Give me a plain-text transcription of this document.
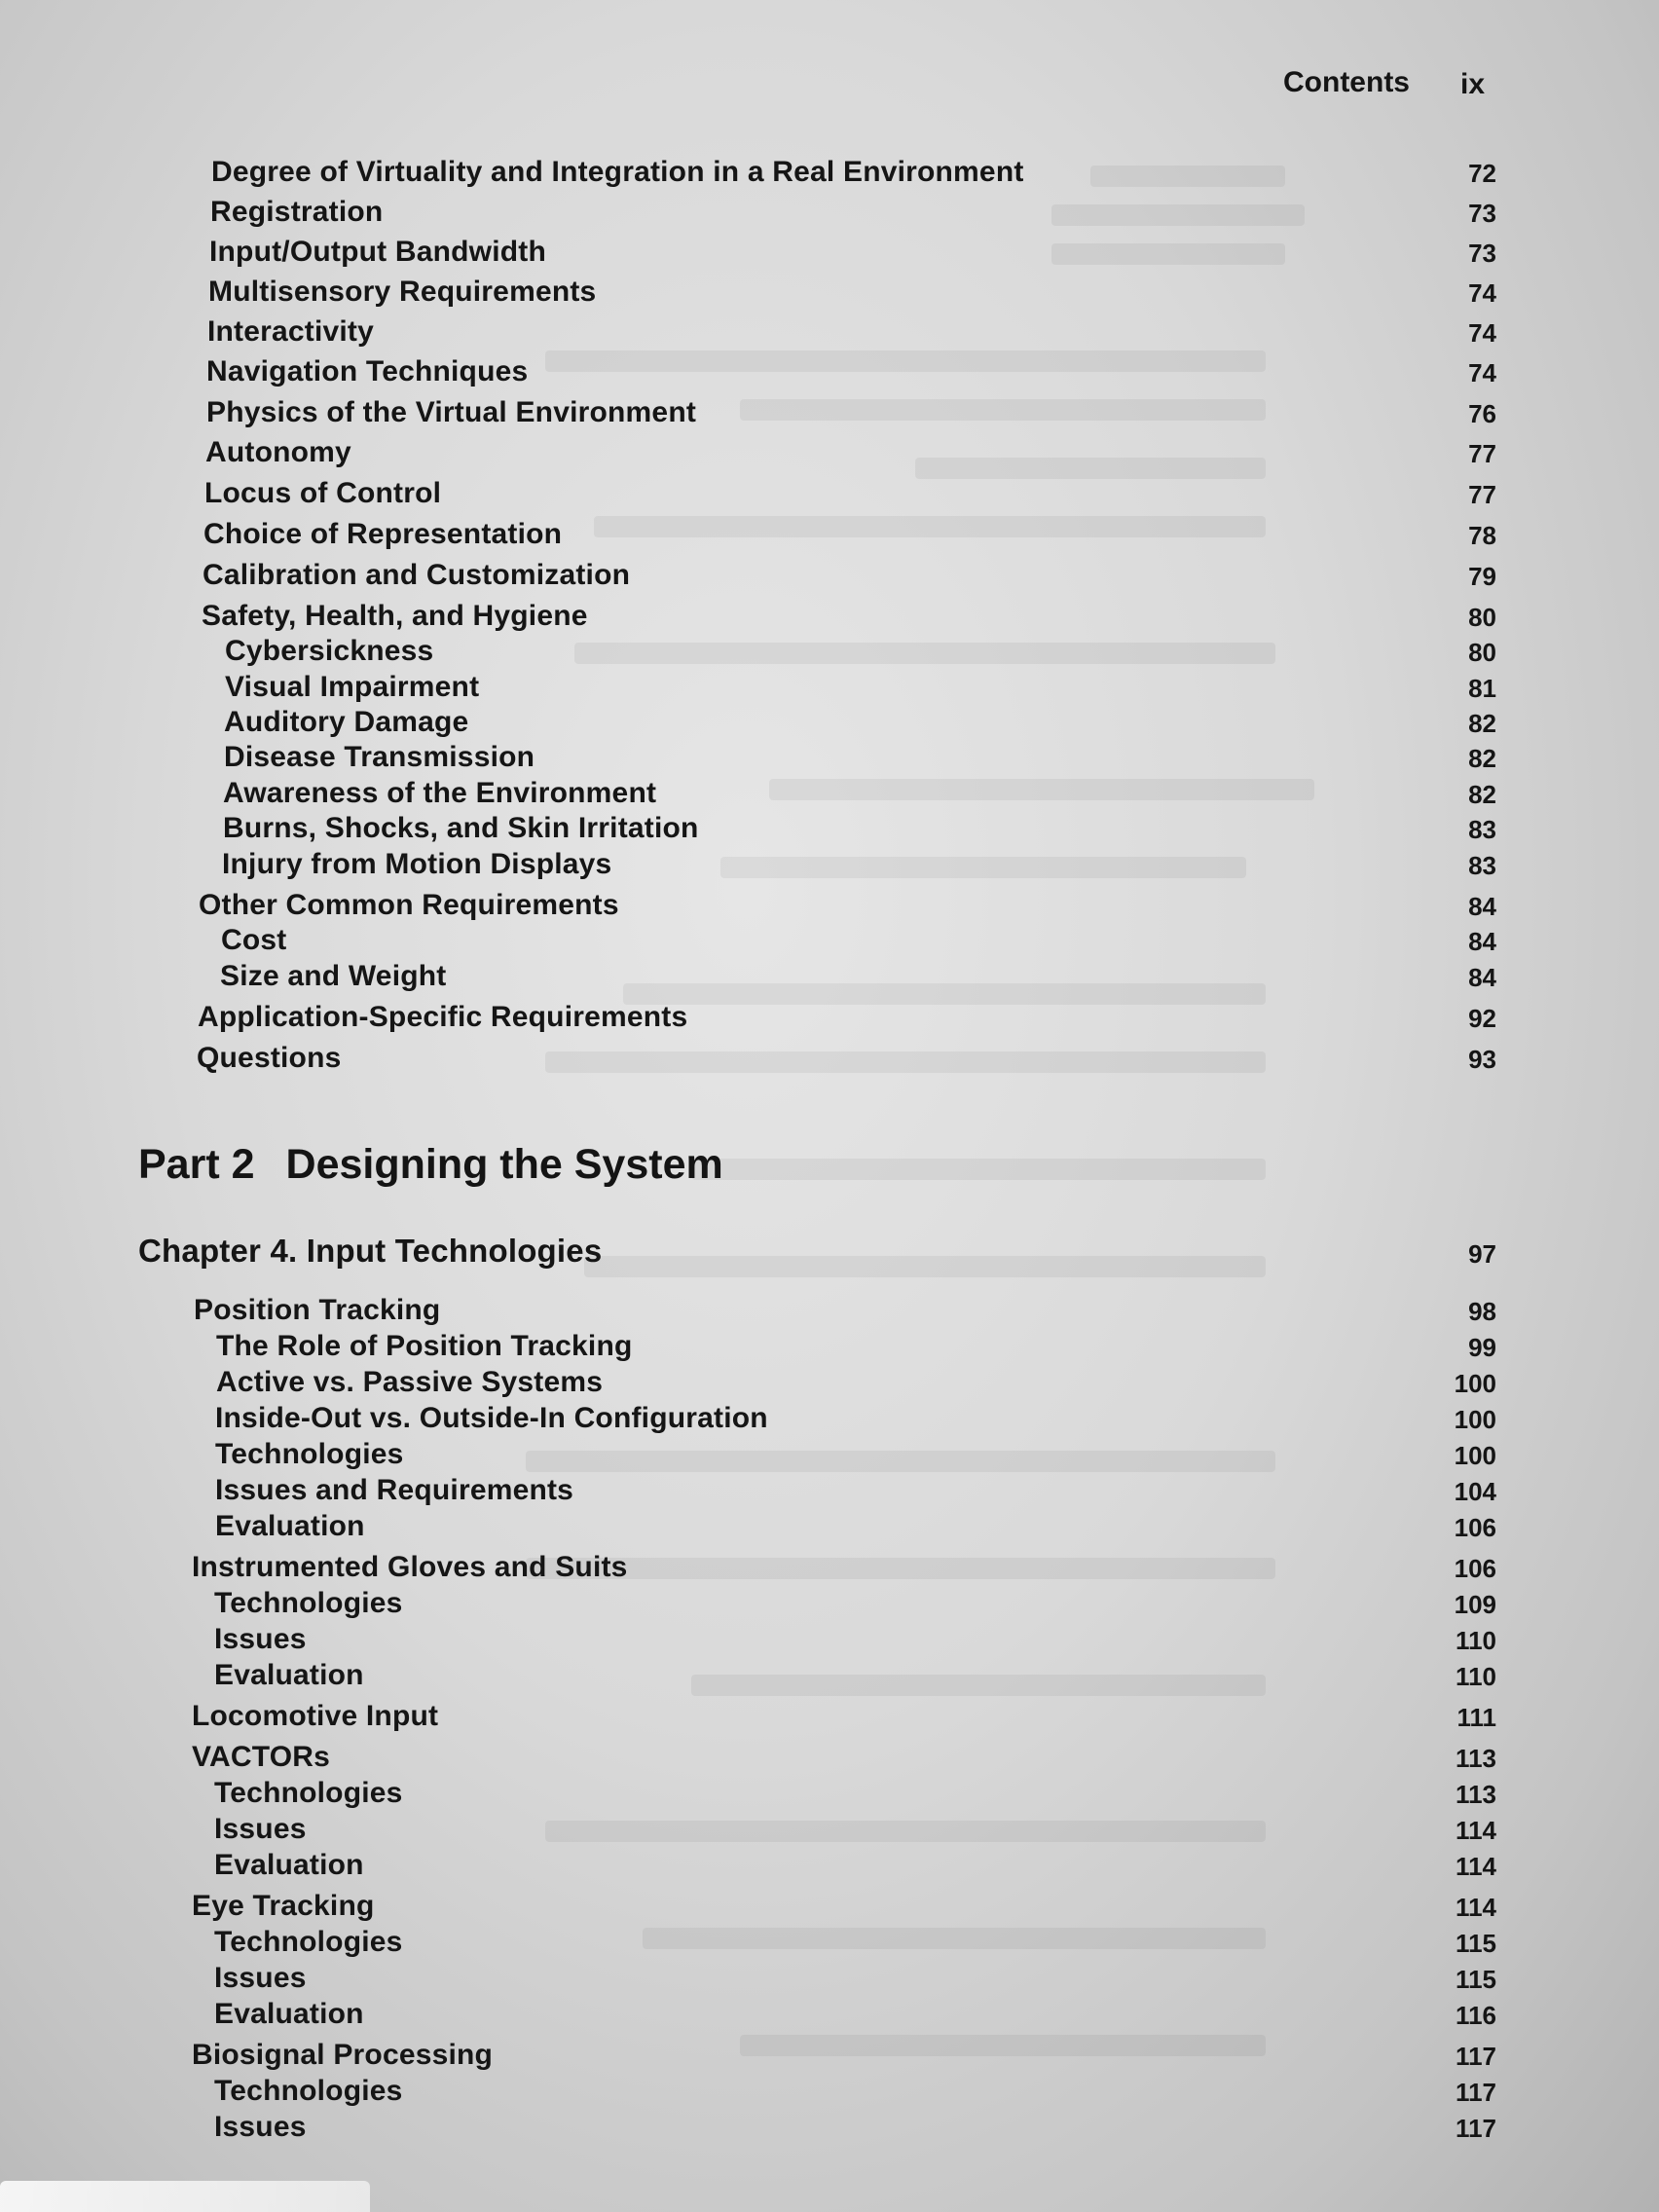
Contents ix
Degree of Virtuality and Integration in a Real Environment	72
Registration	73
Input/Output Bandwidth	73
Multisensory Requirements	74
Interactivity	74
Navigation Techniques	74
Physics of the Virtual Environment	76
Autonomy	77
Locus of Control	77
Choice of Representation	78
Calibration and Customization	79
Safety, Health, and Hygiene	80
Cybersickness	80
Visual Impairment	81
Auditory Damage	82
Disease Transmission	82
Awareness of the Environment	82
Burns, Shocks, and Skin Irritation	83
Injury from Motion Displays	83
Other Common Requirements	84
Cost	84
Size and Weight	84
Application-Specific Requirements	92
Questions	93
Part 2 Designing the System
Chapter 4. Input Technologies	97
Position Tracking	98
The Role of Position Tracking	99
Active vs. Passive Systems	100
Inside-Out vs. Outside-In Configuration	100
Technologies	100
Issues and Requirements	104
Evaluation	106
Instrumented Gloves and Suits	106
Technologies	109
Issues	110
Evaluation	110
Locomotive Input	111
VACTORs	113
Technologies	113
Issues	114
Evaluation	114
Eye Tracking	114
Technologies	115
Issues	115
Evaluation	116
Biosignal Processing	117
Technologies	117
Issues	117
